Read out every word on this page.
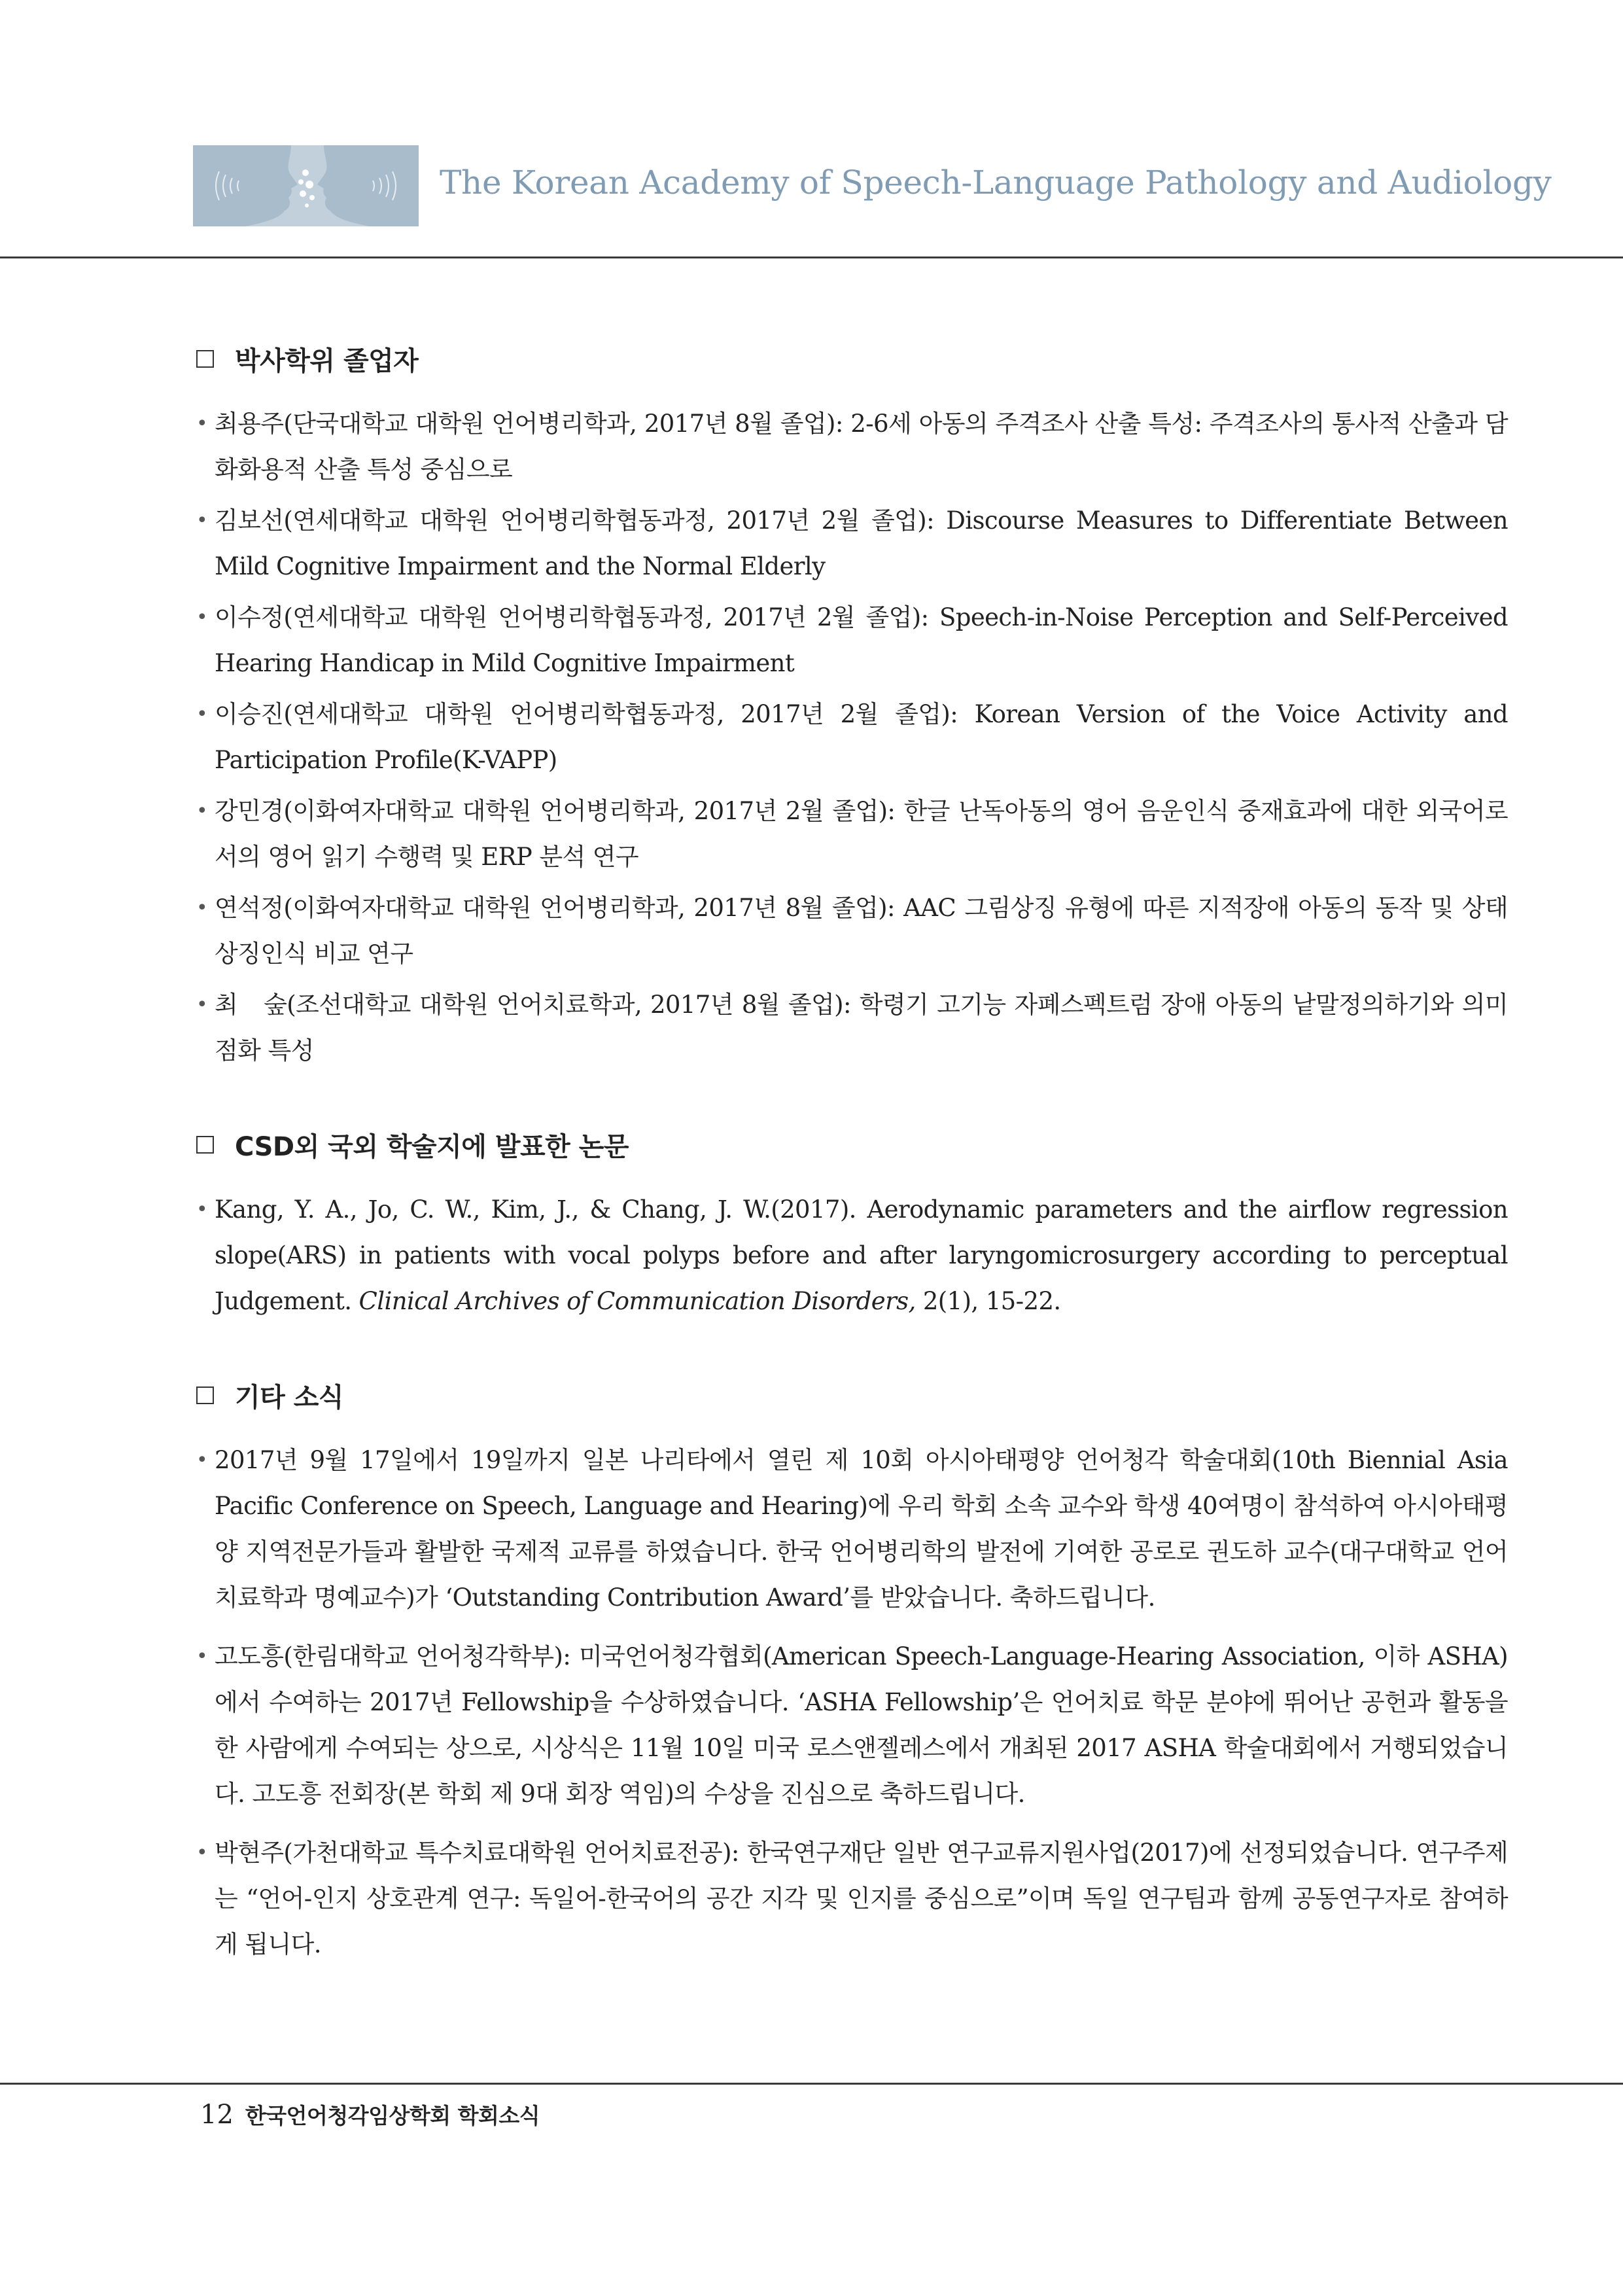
The Korean Academy of Speech-Language Pathology and Audiology
박사학위 졸업자
• 최용주(단국대학교 대학원 언어병리학과, 2017년 8월 졸업): 2-6세 아동의 주격조사 산출 특성: 주격조사의 통사적 산출과 담화화용적 산출 특성 중심으로
• 김보선(연세대학교 대학원 언어병리학협동과정, 2017년 2월 졸업): Discourse Measures to Differentiate Between Mild Cognitive Impairment and the Normal Elderly
• 이수정(연세대학교 대학원 언어병리학협동과정, 2017년 2월 졸업): Speech-in-Noise Perception and Self-Perceived Hearing Handicap in Mild Cognitive Impairment
• 이승진(연세대학교 대학원 언어병리학협동과정, 2017년 2월 졸업): Korean Version of the Voice Activity and Participation Profile(K-VAPP)
• 강민경(이화여자대학교 대학원 언어병리학과, 2017년 2월 졸업): 한글 난독아동의 영어 음운인식 중재효과에 대한 외국어로서의 영어 읽기 수행력 및 ERP 분석 연구
• 연석정(이화여자대학교 대학원 언어병리학과, 2017년 8월 졸업): AAC 그림상징 유형에 따른 지적장애 아동의 동작 및 상태 상징인식 비교 연구
• 최　숲(조선대학교 대학원 언어치료학과, 2017년 8월 졸업): 학령기 고기능 자폐스펙트럼 장애 아동의 낱말정의하기와 의미점화 특성
CSD외 국외 학술지에 발표한 논문
• Kang, Y. A., Jo, C. W., Kim, J., & Chang, J. W.(2017). Aerodynamic parameters and the airflow regression slope(ARS) in patients with vocal polyps before and after laryngomicrosurgery according to perceptual Judgement. Clinical Archives of Communication Disorders, 2(1), 15-22.
기타 소식
• 2017년 9월 17일에서 19일까지 일본 나리타에서 열린 제 10회 아시아태평양 언어청각 학술대회(10th Biennial Asia Pacific Conference on Speech, Language and Hearing)에 우리 학회 소속 교수와 학생 40여명이 참석하여 아시아태평양 지역전문가들과 활발한 국제적 교류를 하였습니다. 한국 언어병리학의 발전에 기여한 공로로 권도하 교수(대구대학교 언어치료학과 명예교수)가 ‘Outstanding Contribution Award’를 받았습니다. 축하드립니다.
• 고도흥(한림대학교 언어청각학부): 미국언어청각협회(American Speech-Language-Hearing Association, 이하 ASHA)에서 수여하는 2017년 Fellowship을 수상하였습니다. ‘ASHA Fellowship’은 언어치료 학문 분야에 뛰어난 공헌과 활동을 한 사람에게 수여되는 상으로, 시상식은 11월 10일 미국 로스앤젤레스에서 개최된 2017 ASHA 학술대회에서 거행되었습니다. 고도흥 전회장(본 학회 제 9대 회장 역임)의 수상을 진심으로 축하드립니다.
• 박현주(가천대학교 특수치료대학원 언어치료전공): 한국연구재단 일반 연구교류지원사업(2017)에 선정되었습니다. 연구주제는 “언어-인지 상호관계 연구: 독일어-한국어의 공간 지각 및 인지를 중심으로”이며 독일 연구팀과 함께 공동연구자로 참여하게 됩니다.
12 한국언어청각임상학회 학회소식
